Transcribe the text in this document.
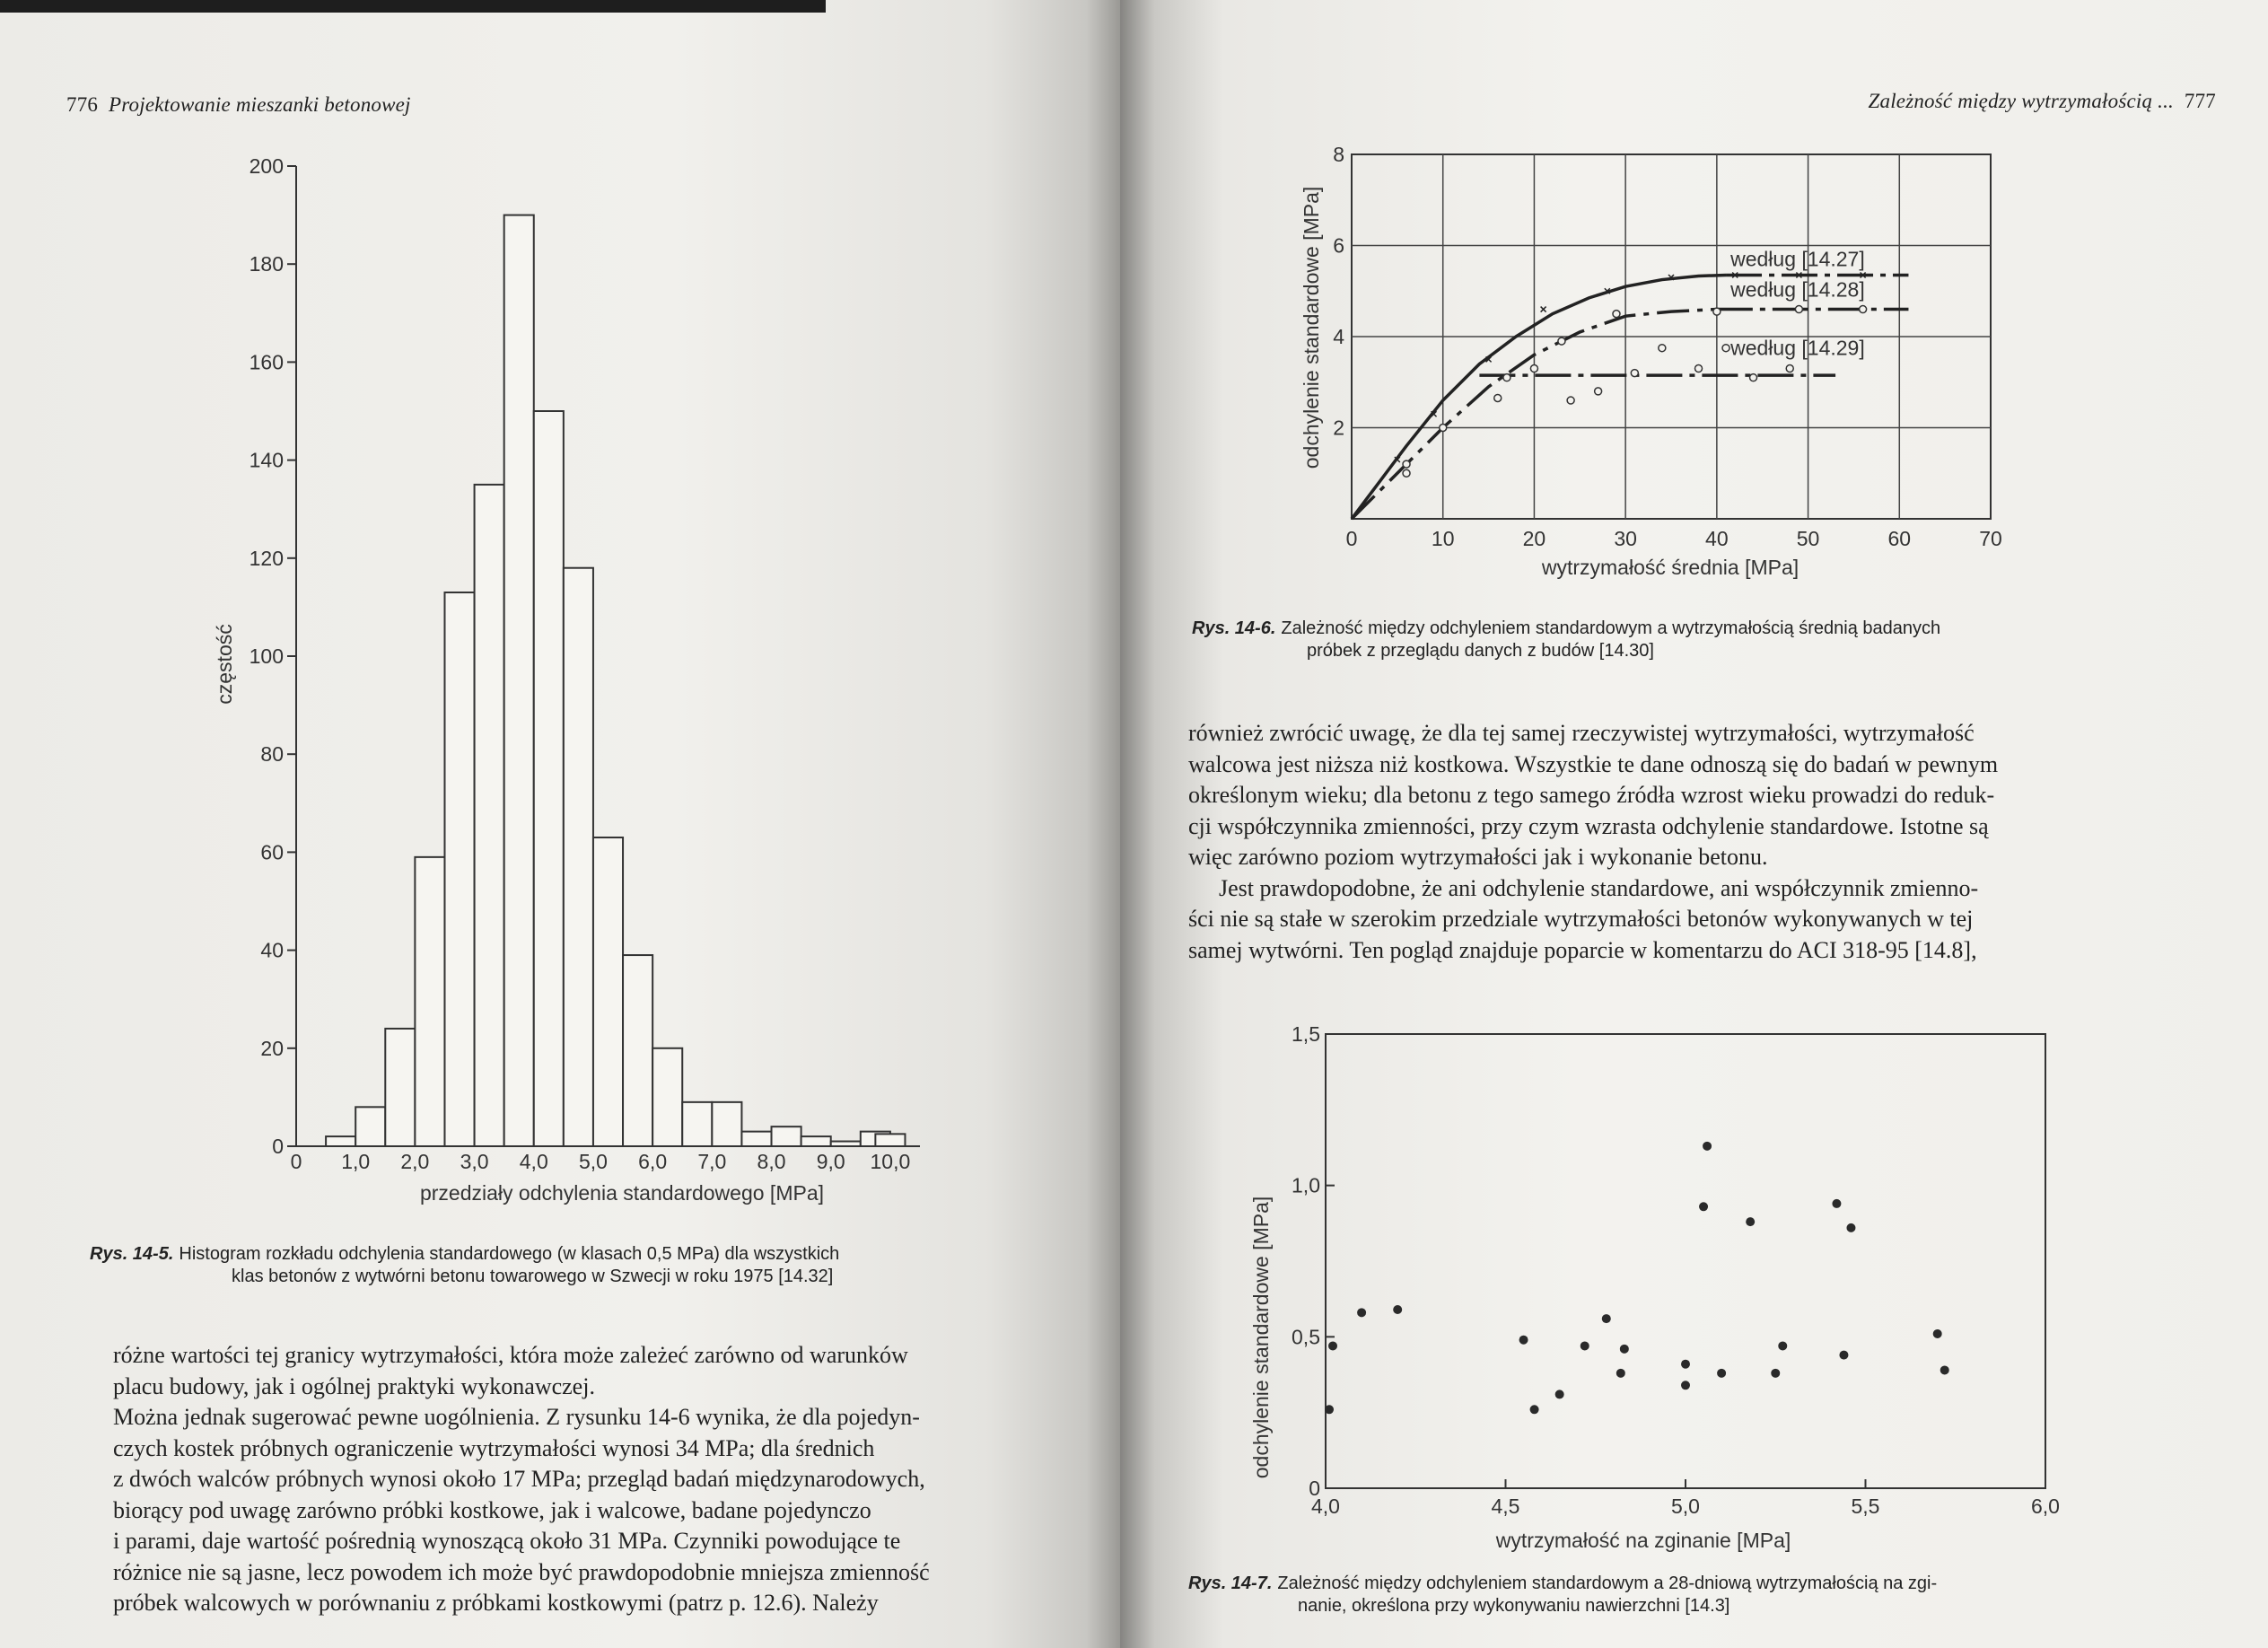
776 Projektowanie mieszanki betonowej
0
20
40
60
80
100
120
140
160
180
200
0 1,0 2,0 3,0 4,0 5,0 6,0 7,0 8,0 9,0 10,0
przedziały odchylenia standardowego [MPa]
częstość
Rys. 14-5. Histogram rozkładu odchylenia standardowego (w klasach 0,5 MPa) dla wszystkich
klas betonów z wytwórni betonu towarowego w Szwecji w roku 1975 [14.32]

różne wartości tej granicy wytrzymałości, która może zależeć zarówno od warunków

placu budowy, jak i ogólnej praktyki wykonawczej.

Można jednak sugerować pewne uogólnienia. Z rysunku 14-6 wynika, że dla pojedyn-

czych kostek próbnych ograniczenie wytrzymałości wynosi 34 MPa; dla średnich

z dwóch walców próbnych wynosi około 17 MPa; przegląd badań międzynarodowych,

biorący pod uwagę zarówno próbki kostkowe, jak i walcowe, badane pojedynczo

i parami, daje wartość pośrednią wynoszącą około 31 MPa. Czynniki powodujące te

różnice nie są jasne, lecz powodem ich może być prawdopodobnie mniejsza zmienność

próbek walcowych w porównaniu z próbkami kostkowymi (patrz p. 12.6). Należy

Zależność między wytrzymałością ... 777
2
4
6
8
0	10	20	30	40	50	60	70
według [14.27]
według [14.28]
według [14.29]
wytrzymałość średnia [MPa]
odchylenie standardowe [MPa]
Rys. 14-6. Zależność między odchyleniem standardowym a wytrzymałością średnią badanych
próbek z przeglądu danych z budów [14.30]

również zwrócić uwagę, że dla tej samej rzeczywistej wytrzymałości, wytrzymałość

walcowa jest niższa niż kostkowa. Wszystkie te dane odnoszą się do badań w pewnym

określonym wieku; dla betonu z tego samego źródła wzrost wieku prowadzi do reduk-

cji współczynnika zmienności, przy czym wzrasta odchylenie standardowe. Istotne są

więc zarówno poziom wytrzymałości jak i wykonanie betonu.

Jest prawdopodobne, że ani odchylenie standardowe, ani współczynnik zmienno-

ści nie są stałe w szerokim przedziale wytrzymałości betonów wykonywanych w tej

samej wytwórni. Ten pogląd znajduje poparcie w komentarzu do ACI 318-95 [14.8],

0
0,5
1,0
1,5
4,0	4,5	5,0	5,5	6,0
wytrzymałość na zginanie [MPa]
odchylenie standardowe [MPa]
Rys. 14-7. Zależność między odchyleniem standardowym a 28-dniową wytrzymałością na zgi-
nanie, określona przy wykonywaniu nawierzchni [14.3]
